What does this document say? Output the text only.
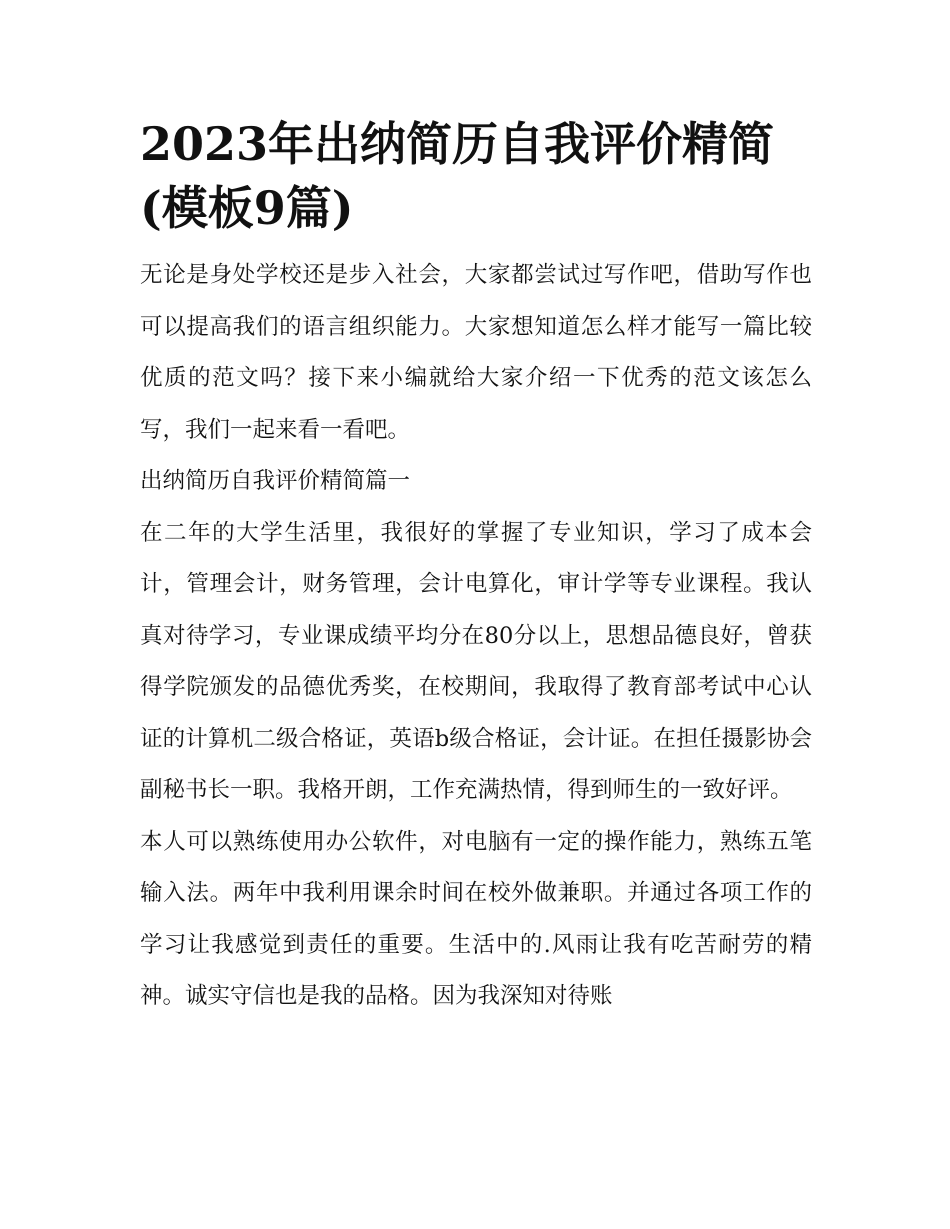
2023年出纳简历自我评价精简
(模板9篇)

无论是身处学校还是步入社会，大家都尝试过写作吧，借助写作也可以提高我们的语言组织能力。大家想知道怎么样才能写一篇比较优质的范文吗？接下来小编就给大家介绍一下优秀的范文该怎么写，我们一起来看一看吧。

出纳简历自我评价精简篇一

在二年的大学生活里，我很好的掌握了专业知识，学习了成本会计，管理会计，财务管理，会计电算化，审计学等专业课程。我认真对待学习，专业课成绩平均分在80分以上，思想品德良好，曾获得学院颁发的品德优秀奖，在校期间，我取得了教育部考试中心认证的计算机二级合格证，英语b级合格证，会计证。在担任摄影协会副秘书长一职。我格开朗，工作充满热情，得到师生的一致好评。

本人可以熟练使用办公软件，对电脑有一定的操作能力，熟练五笔输入法。两年中我利用课余时间在校外做兼职。并通过各项工作的学习让我感觉到责任的重要。生活中的.风雨让我有吃苦耐劳的精神。诚实守信也是我的品格。因为我深知对待账
